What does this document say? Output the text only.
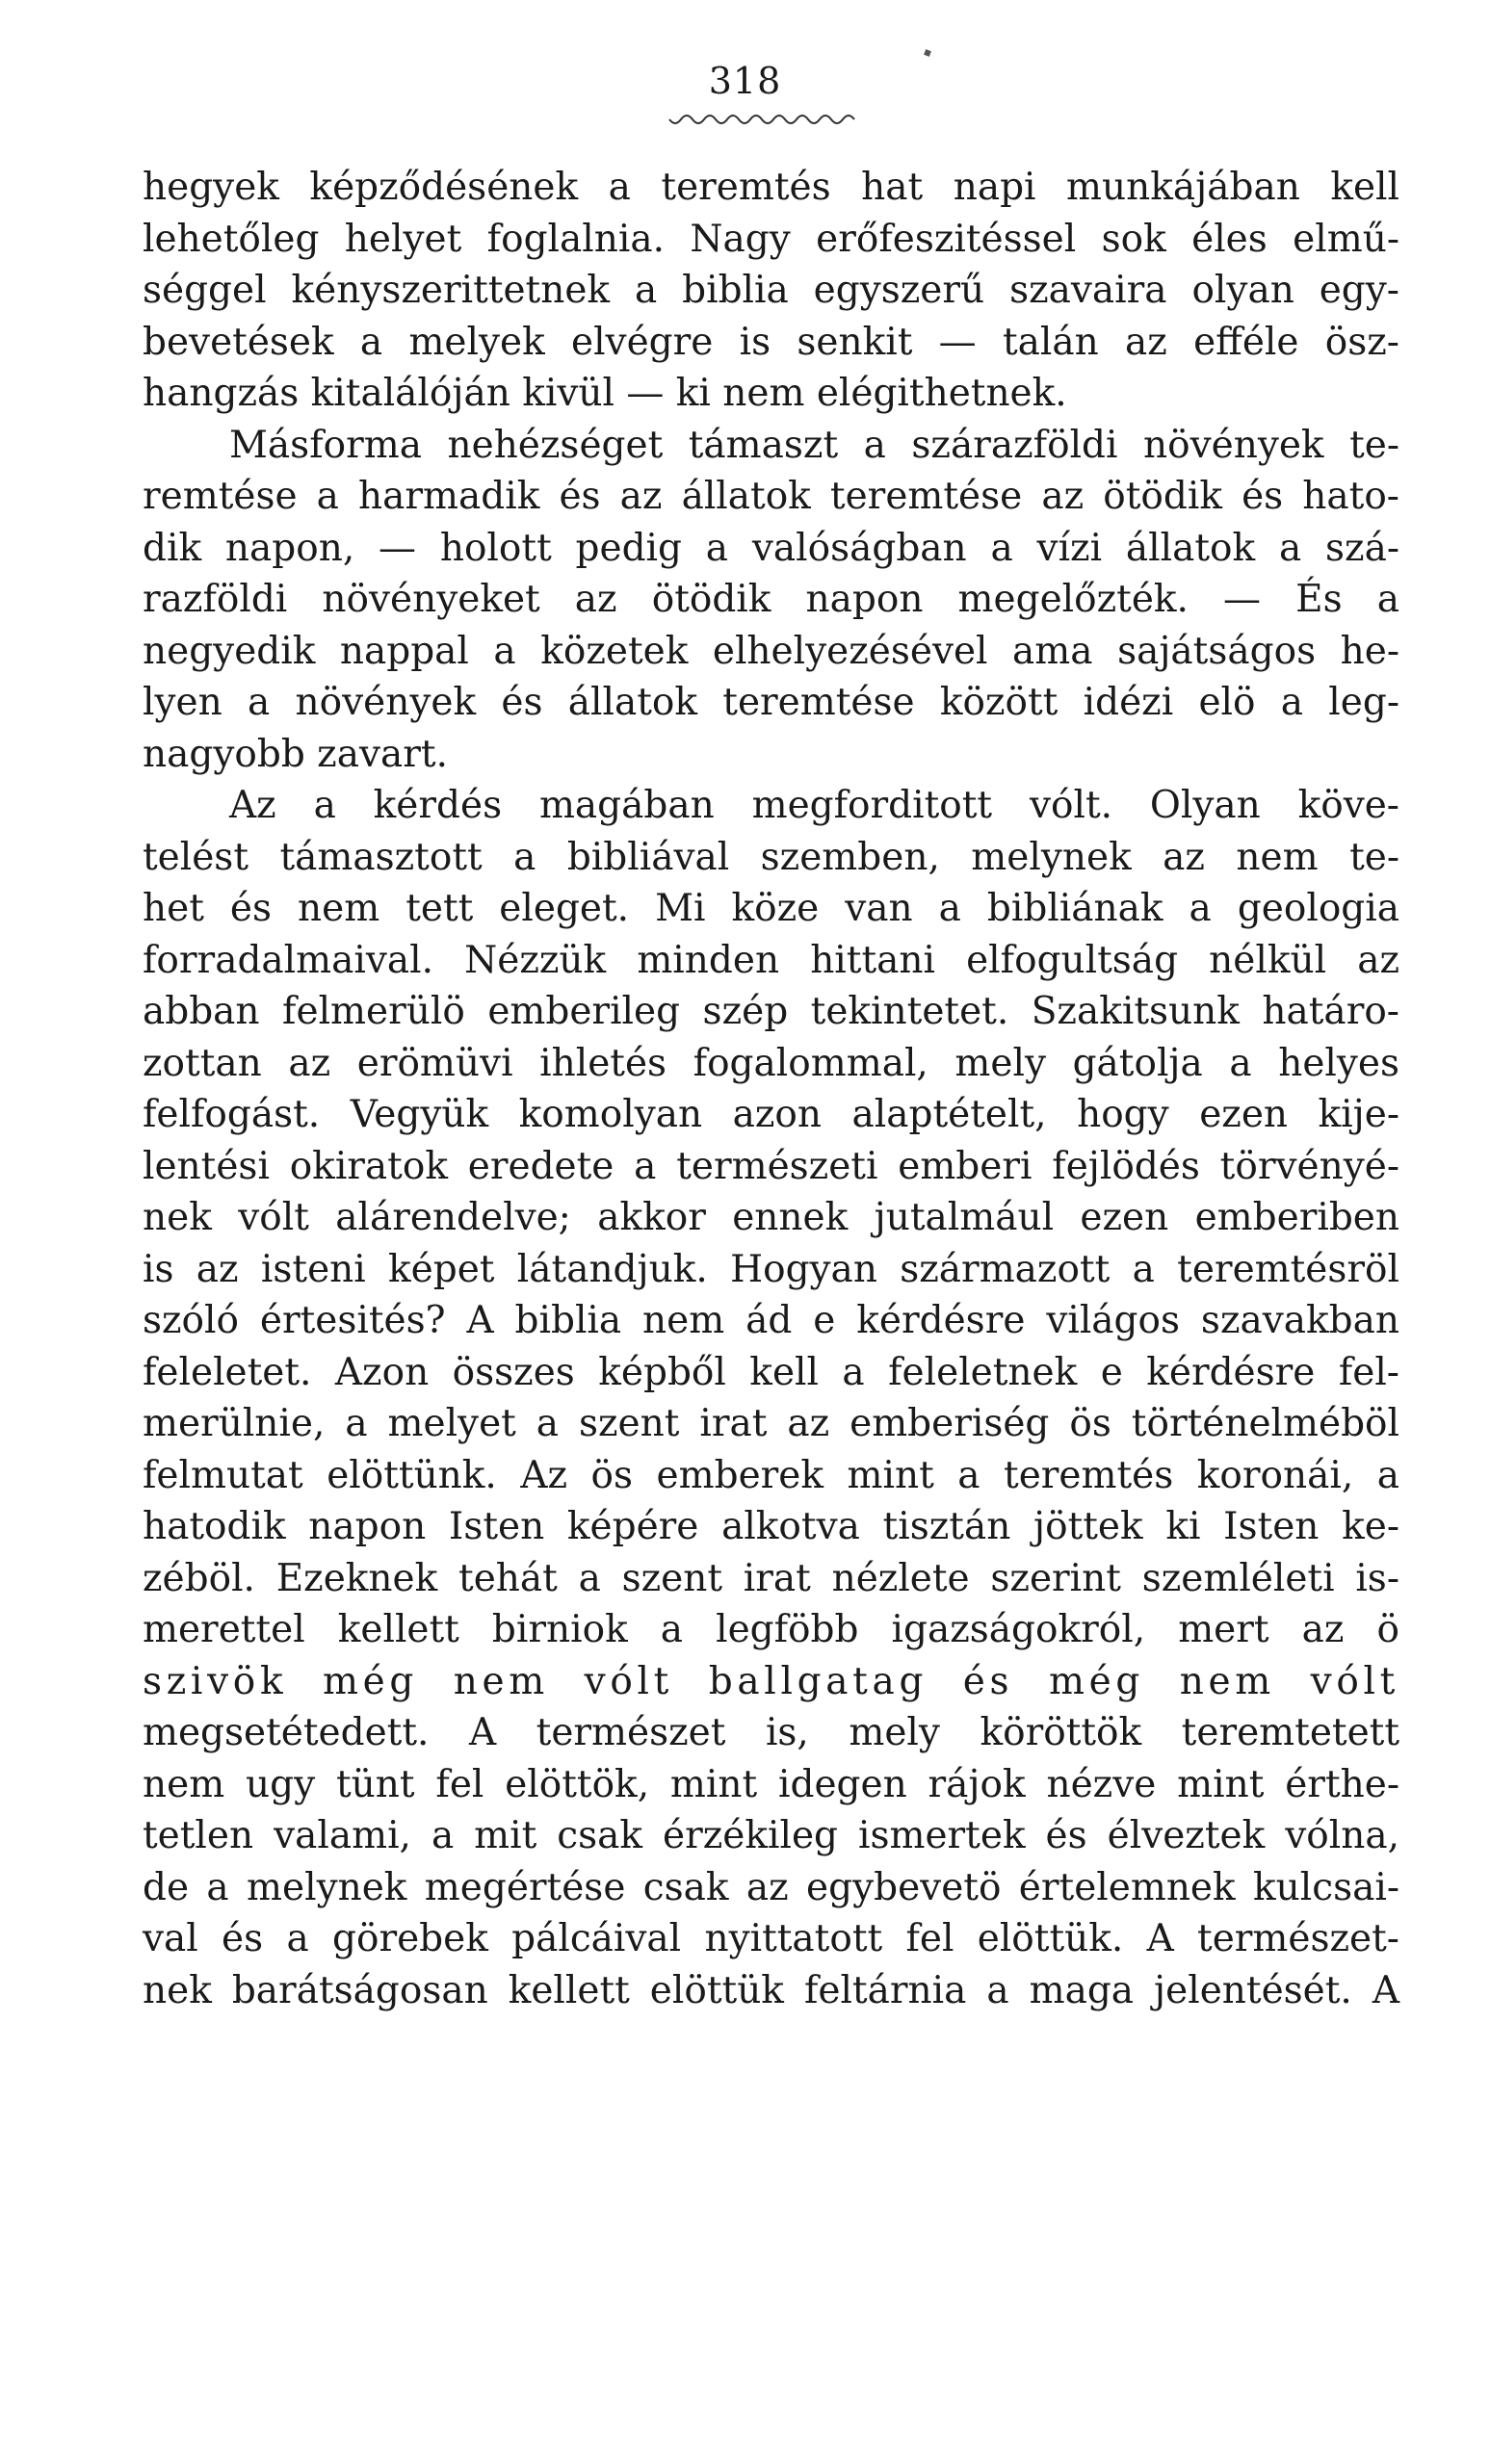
318
hegyek képződésének a teremtés hat napi munkájában kell
lehetőleg helyet foglalnia. Nagy erőfeszitéssel sok éles elmű-
séggel kényszerittetnek a biblia egyszerű szavaira olyan egy-
bevetések a melyek elvégre is senkit — talán az efféle ösz-
hangzás kitalálóján kivül — ki nem elégithetnek.
Másforma nehézséget támaszt a szárazföldi növények te-
remtése a harmadik és az állatok teremtése az ötödik és hato-
dik napon, — holott pedig a valóságban a vízi állatok a szá-
razföldi növényeket az ötödik napon megelőzték. — És a
negyedik nappal a közetek elhelyezésével ama sajátságos he-
lyen a növények és állatok teremtése között idézi elö a leg-
nagyobb zavart.
Az a kérdés magában megforditott vólt. Olyan köve-
telést támasztott a bibliával szemben, melynek az nem te-
het és nem tett eleget. Mi köze van a bibliának a geologia
forradalmaival. Nézzük minden hittani elfogultság nélkül az
abban felmerülö emberileg szép tekintetet. Szakitsunk határo-
zottan az erömüvi ihletés fogalommal, mely gátolja a helyes
felfogást. Vegyük komolyan azon alaptételt, hogy ezen kije-
lentési okiratok eredete a természeti emberi fejlödés törvényé-
nek vólt alárendelve; akkor ennek jutalmául ezen emberiben
is az isteni képet látandjuk. Hogyan származott a teremtésröl
szóló értesités? A biblia nem ád e kérdésre világos szavakban
feleletet. Azon összes képből kell a feleletnek e kérdésre fel-
merülnie, a melyet a szent irat az emberiség ös történelméböl
felmutat elöttünk. Az ös emberek mint a teremtés koronái, a
hatodik napon Isten képére alkotva tisztán jöttek ki Isten ke-
zéböl. Ezeknek tehát a szent irat nézlete szerint szemléleti is-
merettel kellett birniok a legföbb igazságokról, mert az ö
szivök még nem vólt ballgatag és még nem vólt
megsetétedett. A természet is, mely köröttök teremtetett
nem ugy tünt fel elöttök, mint idegen rájok nézve mint érthe-
tetlen valami, a mit csak érzékileg ismertek és élveztek vólna,
de a melynek megértése csak az egybevetö értelemnek kulcsai-
val és a görebek pálcáival nyittatott fel elöttük. A természet-
nek barátságosan kellett elöttük feltárnia a maga jelentését. A
